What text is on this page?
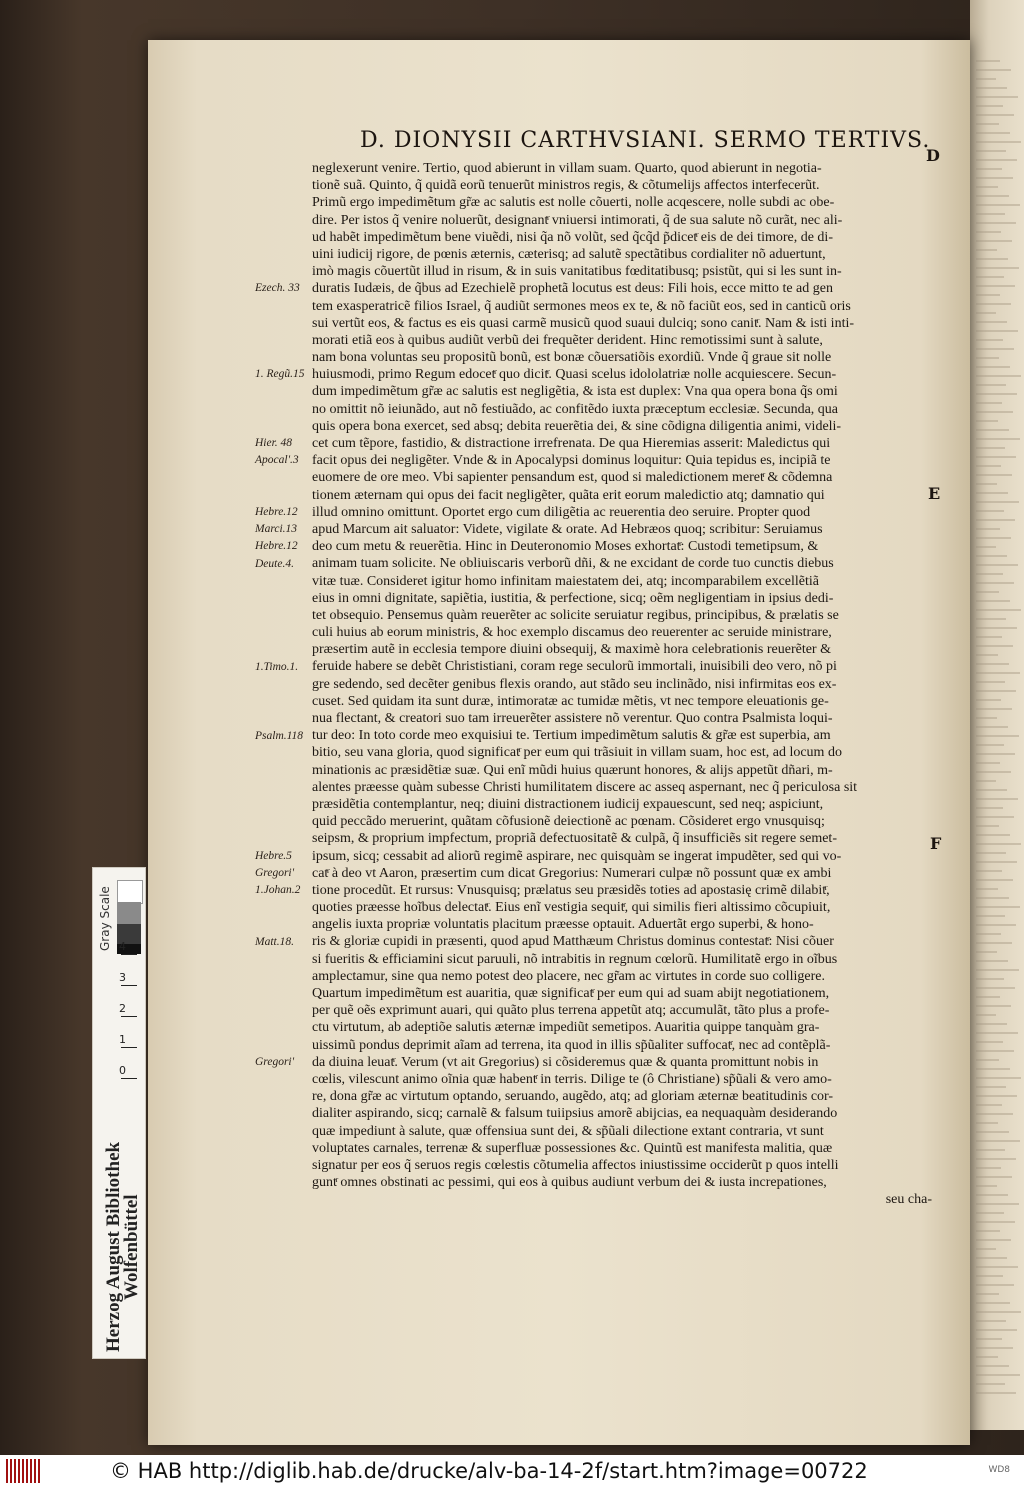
D. DIONYSII CARTHVSIANI. SERMO TERTIVS.
D
E
F
neglexerunt venire. Tertio, quod abierunt in villam suam. Quarto, quod abierunt in negotia-
tionẽ suã. Quinto, q̃ quidã eorũ tenuerũt ministros regis, & cõtumelijs affectos interfecerũt.
Primũ ergo impedimẽtum gr̃æ ac salutis est nolle cõuerti, nolle acqescere, nolle subdi ac obe-
dire. Per istos q̃ venire noluerũt, designantͬ vniuersi intimorati, q̃ de sua salute nõ curãt, nec ali-
ud habẽt impedimẽtum bene viuẽdi, nisi q̃a nõ volũt, sed q̃cq̃d p̃dicetͬ eis de dei timore, de di-
uini iudicij rigore, de pœnis æternis, cæterisq; ad salutẽ spectãtibus cordialiter nõ aduertunt,
imò magis cõuertũt illud in risum, & in suis vanitatibus fœditatibusq; psistũt, qui si les sunt in-
duratis Iudæis, de q̃bus ad Ezechielẽ prophetã locutus est deus: Fili hois, ecce mitto te ad gen
tem exasperatricẽ filios Israel, q̃ audiũt sermones meos ex te, & nõ faciũt eos, sed in canticũ oris
sui vertũt eos, & factus es eis quasi carmẽ musicũ quod suaui dulciq; sono canitͬ. Nam & isti inti-
morati etiã eos à quibus audiũt verbũ dei frequẽter derident. Hinc remotissimi sunt à salute,
nam bona voluntas seu propositũ bonũ, est bonæ cõuersatiõis exordiũ. Vnde q̃ graue sit nolle
huiusmodi, primo Regum edocetͬ quo dicitͬ. Quasi scelus idololatriæ nolle acquiescere. Secun-
dum impedimẽtum gr̃æ ac salutis est negligẽtia, & ista est duplex: Vna qua opera bona q̃s omi
no omittit nõ ieiunãdo, aut nõ festiuãdo, ac confitẽdo iuxta præceptum ecclesiæ. Secunda, qua
quis opera bona exercet, sed absq; debita reuerẽtia dei, & sine cõdigna diligentia animi, videli-
cet cum tẽpore, fastidio, & distractione irrefrenata. De qua Hieremias asserit: Maledictus qui
facit opus dei negligẽter. Vnde & in Apocalypsi dominus loquitur: Quia tepidus es, incipiã te
euomere de ore meo. Vbi sapienter pensandum est, quod si maledictionem meretͬ & cõdemna
tionem æternam qui opus dei facit negligẽter, quãta erit eorum maledictio atq; damnatio qui
illud omnino omittunt. Oportet ergo cum diligẽtia ac reuerentia deo seruire. Propter quod
apud Marcum ait saluator: Videte, vigilate & orate. Ad Hebræos quoq; scribitur: Seruiamus
deo cum metu & reuerẽtia. Hinc in Deuteronomio Moses exhortatͬ: Custodi temetipsum, &
animam tuam solicite. Ne obliuiscaris verborũ dñi, & ne excidant de corde tuo cunctis diebus
vitæ tuæ. Consideret igitur homo infinitam maiestatem dei, atq; incomparabilem excellẽtiã
eius in omni dignitate, sapiẽtia, iustitia, & perfectione, sicq; oẽm negligentiam in ipsius dedi-
tet obsequio. Pensemus quàm reuerẽter ac solicite seruiatur regibus, principibus, & prælatis se
culi huius ab eorum ministris, & hoc exemplo discamus deo reuerenter ac seruide ministrare,
præsertim autẽ in ecclesia tempore diuini obsequij, & maximè hora celebrationis reuerẽter &
feruide habere se debẽt Christistiani, coram rege seculorũ immortali, inuisibili deo vero, nõ pi
gre sedendo, sed decẽter genibus flexis orando, aut stãdo seu inclinãdo, nisi infirmitas eos ex-
cuset. Sed quidam ita sunt duræ, intimoratæ ac tumidæ mẽtis, vt nec tempore eleuationis ge-
nua flectant, & creatori suo tam irreuerẽter assistere nõ verentur. Quo contra Psalmista loqui-
tur deo: In toto corde meo exquisiui te. Tertium impedimẽtum salutis & gr̃æ est superbia, am
bitio, seu vana gloria, quod significatͬ per eum qui trãsiuit in villam suam, hoc est, ad locum do
minationis ac præsidẽtiæ suæ. Qui enĩ mũdi huius quærunt honores, & alijs appetũt dñari, m-
alentes præesse quàm subesse Christi humilitatem discere ac asseq aspernant, nec q̃ periculosa sit
præsidẽtia contemplantur, neq; diuini distractionem iudicij expauescunt, sed neq; aspiciunt,
quid peccãdo meruerint, quãtam cõfusionẽ deiectionẽ ac pœnam. Cõsideret ergo vnusquisq;
seipsm, & proprium impfectum, propriã defectuositatẽ & culpã, q̃ insufficiẽs sit regere semet-
ipsum, sicq; cessabit ad aliorũ regimẽ aspirare, nec quisquàm se ingerat impudẽter, sed qui vo-
catͬ à deo vt Aaron, præsertim cum dicat Gregorius: Numerari culpæ nõ possunt quæ ex ambi
tione procedũt. Et rursus: Vnusquisq; prælatus seu præsidẽs toties ad apostasię crimẽ dilabitͬ,
quoties præesse hoĩbus delectatͬ. Eius enĩ vestigia sequitͬ, qui similis fieri altissimo cõcupiuit,
angelis iuxta propriæ voluntatis placitum præesse optauit. Aduertãt ergo superbi, & hono-
ris & gloriæ cupidi in præsenti, quod apud Matthæum Christus dominus contestatͬ: Nisi cõuer
si fueritis & efficiamini sicut paruuli, nõ intrabitis in regnum cœlorũ. Humilitatẽ ergo in oĩbus
amplectamur, sine qua nemo potest deo placere, nec gr̃am ac virtutes in corde suo colligere.
Quartum impedimẽtum est auaritia, quæ significatͬ per eum qui ad suam abijt negotiationem,
per quẽ oẽs exprimunt auari, qui quãto plus terrena appetũt atq; accumulãt, tãto plus a profe-
ctu virtutum, ab adeptiõe salutis æternæ impediũt semetipos. Auaritia quippe tanquàm gra-
uissimũ pondus deprimit aĩam ad terrena, ita quod in illis sp̃ũaliter suffocatͬ, nec ad contẽplã-
da diuina leuatͬ. Verum (vt ait Gregorius) si cõsideremus quæ & quanta promittunt nobis in
cœlis, vilescunt animo oĩnia quæ habentͬ in terris. Dilige te (ô Christiane) sp̃ũali & vero amo-
re, dona gr̃æ ac virtutum optando, seruando, augẽdo, atq; ad gloriam æternæ beatitudinis cor-
dialiter aspirando, sicq; carnalẽ & falsum tuiipsius amorẽ abijcias, ea nequaquàm desiderando
quæ impediunt à salute, quæ offensiua sunt dei, & sp̃ũali dilectione extant contraria, vt sunt
voluptates carnales, terrenæ & superfluæ possessiones &c. Quintũ est manifesta malitia, quæ
signatur per eos q̃ seruos regis cœlestis cõtumelia affectos iniustissime occiderũt p quos intelli
guntͬ omnes obstinati ac pessimi, qui eos à quibus audiunt verbum dei & iusta increpationes,
seu cha-
Ezech. 33
1. Regũ.15
Hier. 48
Apocal'.3
Hebre.12
Marci.13
Hebre.12
Deute.4.
1.Timo.1.
Psalm.118
Hebre.5
Gregori'
1.Johan.2
Matt.18.
Gregori'
0
1
2
3
4
Gray Scale
Herzog August Bibliothek
Wolfenbüttel
© HAB http://diglib.hab.de/drucke/alv-ba-14-2f/start.htm?image=00722	WD8
